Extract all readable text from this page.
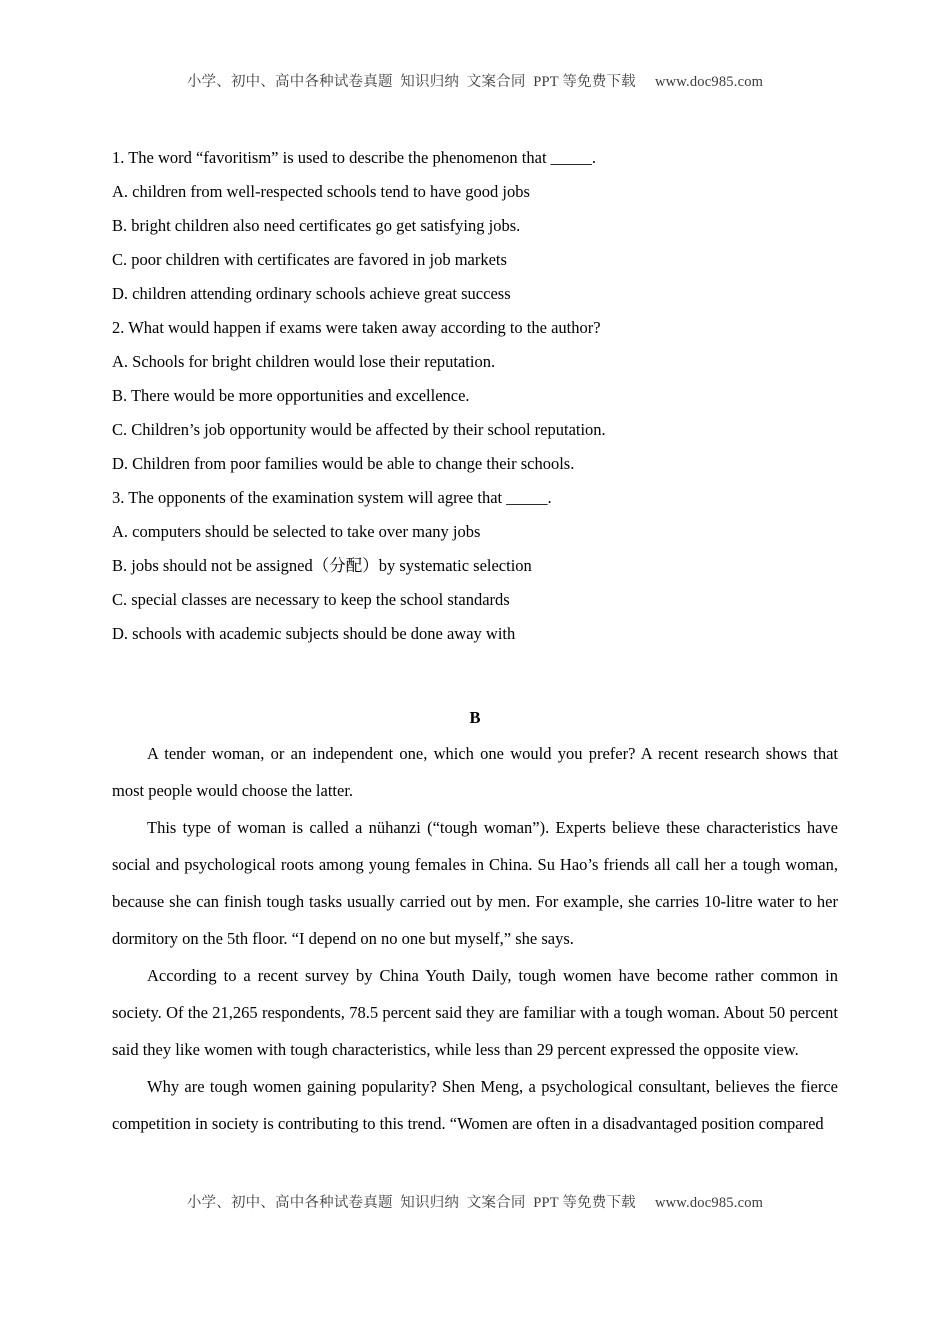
小学、初中、高中各种试卷真题  知识归纳  文案合同  PPT 等免费下载     www.doc985.com

1. The word “favoritism” is used to describe the phenomenon that _____.

A. children from well-respected schools tend to have good jobs

B. bright children also need certificates go get satisfying jobs.

C. poor children with certificates are favored in job markets

D. children attending ordinary schools achieve great success

2. What would happen if exams were taken away according to the author?

A. Schools for bright children would lose their reputation.

B. There would be more opportunities and excellence.

C. Children’s job opportunity would be affected by their school reputation.

D. Children from poor families would be able to change their schools.

3. The opponents of the examination system will agree that _____.

A. computers should be selected to take over many jobs

B. jobs should not be assigned（分配）by systematic selection

C. special classes are necessary to keep the school standards

D. schools with academic subjects should be done away with

B

A tender woman, or an independent one, which one would you prefer? A recent research shows that most people would choose the latter.

This type of woman is called a nühanzi (“tough woman”). Experts believe these characteristics have social and psychological roots among young females in China. Su Hao’s friends all call her a tough woman, because she can finish tough tasks usually carried out by men. For example, she carries 10-litre water to her dormitory on the 5th floor. “I depend on no one but myself,” she says.

According to a recent survey by China Youth Daily, tough women have become rather common in society. Of the 21,265 respondents, 78.5 percent said they are familiar with a tough woman. About 50 percent said they like women with tough characteristics, while less than 29 percent expressed the opposite view.

Why are tough women gaining popularity? Shen Meng, a psychological consultant, believes the fierce competition in society is contributing to this trend. “Women are often in a disadvantaged position compared

小学、初中、高中各种试卷真题  知识归纳  文案合同  PPT 等免费下载     www.doc985.com
